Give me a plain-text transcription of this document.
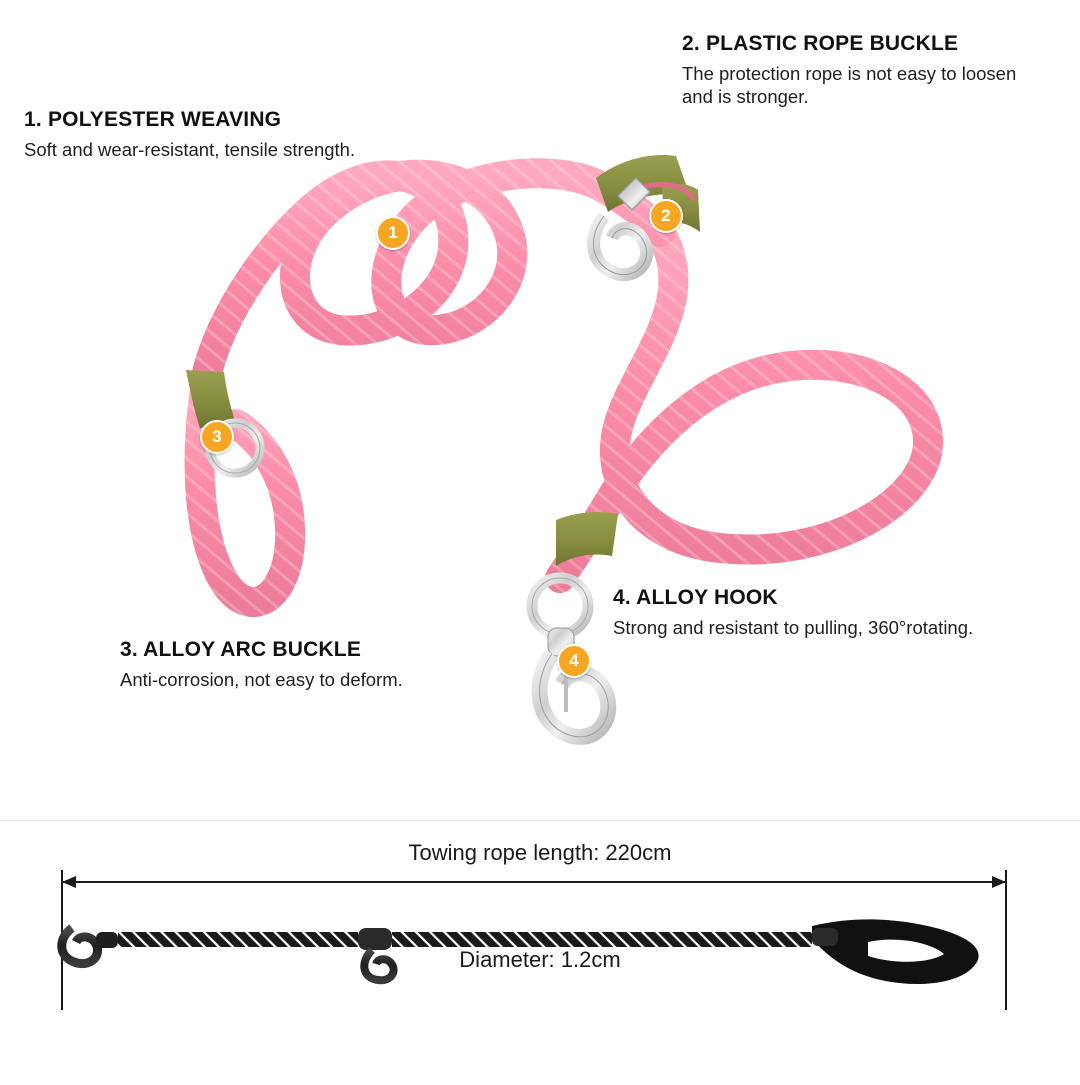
1. POLYESTER WEAVING
Soft and wear-resistant, tensile strength.
2. PLASTIC ROPE BUCKLE
The protection rope is not easy to loosen and is stronger.
3. ALLOY ARC BUCKLE
Anti-corrosion, not easy to deform.
4. ALLOY HOOK
Strong and resistant to pulling, 360°rotating.
1
2
3
4
Towing rope length: 220cm
Diameter: 1.2cm
